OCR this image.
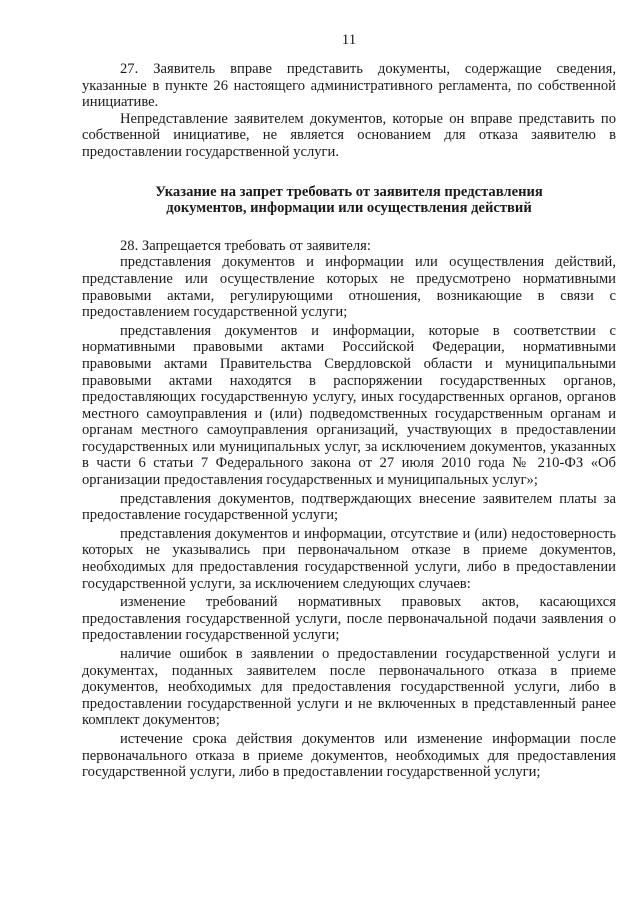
11

27. Заявитель вправе представить документы, содержащие сведения, указанные в пункте 26 настоящего административного регламента, по собственной инициативе.

Непредставление заявителем документов, которые он вправе представить по собственной инициативе, не является основанием для отказа заявителю в предоставлении государственной услуги.

Указание на запрет требовать от заявителя представления
документов, информации или осуществления действий

28. Запрещается требовать от заявителя:

представления документов и информации или осуществления действий, представление или осуществление которых не предусмотрено нормативными правовыми актами, регулирующими отношения, возникающие в связи с предоставлением государственной услуги;

представления документов и информации, которые в соответствии с нормативными правовыми актами Российской Федерации, нормативными правовыми актами Правительства Свердловской области и муниципальными правовыми актами находятся в распоряжении государственных органов, предоставляющих государственную услугу, иных государственных органов, органов местного самоуправления и (или) подведомственных государственным органам и органам местного самоуправления организаций, участвующих в предоставлении государственных или муниципальных услуг, за исключением документов, указанных в части 6 статьи 7 Федерального закона от 27 июля 2010 года № 210-ФЗ «Об организации предоставления государственных и муниципальных услуг»;

представления документов, подтверждающих внесение заявителем платы за предоставление государственной услуги;

представления документов и информации, отсутствие и (или) недостоверность которых не указывались при первоначальном отказе в приеме документов, необходимых для предоставления государственной услуги, либо в предоставлении государственной услуги, за исключением следующих случаев:

изменение требований нормативных правовых актов, касающихся предоставления государственной услуги, после первоначальной подачи заявления о предоставлении государственной услуги;

наличие ошибок в заявлении о предоставлении государственной услуги и документах, поданных заявителем после первоначального отказа в приеме документов, необходимых для предоставления государственной услуги, либо в предоставлении государственной услуги и не включенных в представленный ранее комплект документов;

истечение срока действия документов или изменение информации после первоначального отказа в приеме документов, необходимых для предоставления государственной услуги, либо в предоставлении государственной услуги;
